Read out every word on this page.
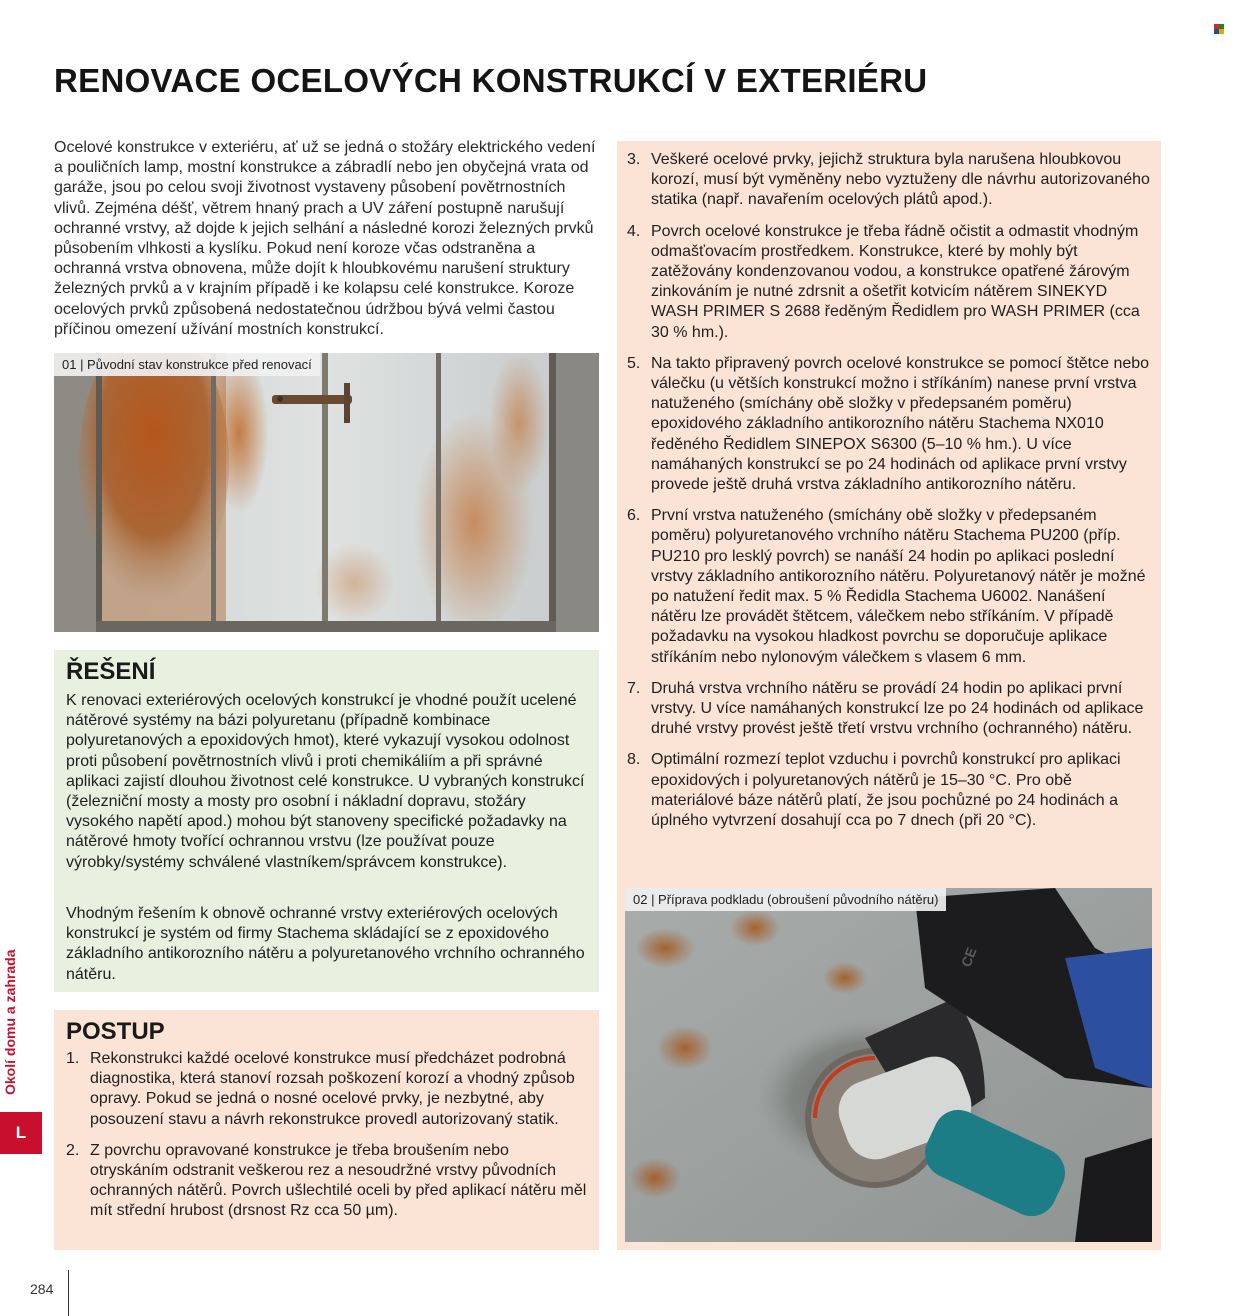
RENOVACE OCELOVÝCH KONSTRUKCÍ V EXTERIÉRU

Ocelové konstrukce v exteriéru, ať už se jedná o stožáry elektrického vedení a pouličních lamp, mostní konstrukce a zábradlí nebo jen obyčejná vrata od garáže, jsou po celou svoji životnost vystaveny působení povětrnostních vlivů. Zejména déšť, větrem hnaný prach a UV záření postupně narušují ochranné vrstvy, až dojde k jejich selhání a následné korozi železných prvků působením vlhkosti a kyslíku. Pokud není koroze včas odstraněna a ochranná vrstva obnovena, může dojít k hloubkovému narušení struktury železných prvků a v krajním případě i ke kolapsu celé konstrukce. Koroze ocelových prvků způsobená nedostatečnou údržbou bývá velmi častou příčinou omezení užívání mostních konstrukcí.

01 | Původní stav konstrukce před renovací
ŘEŠENÍ

K renovaci exteriérových ocelových konstrukcí je vhodné použít ucelené nátěrové systémy na bázi polyuretanu (případně kombinace polyuretanových a epoxidových hmot), které vykazují vysokou odolnost proti působení povětrnostních vlivů i proti chemikáliím a při správné aplikaci zajistí dlouhou životnost celé konstrukce. U vybraných konstrukcí (železniční mosty a mosty pro osobní i nákladní dopravu, stožáry vysokého napětí apod.) mohou být stanoveny specifické požadavky na nátěrové hmoty tvořící ochrannou vrstvu (lze používat pouze výrobky/systémy schválené vlastníkem/správcem konstrukce).

Vhodným řešením k obnově ochranné vrstvy exteriérových ocelových konstrukcí je systém od firmy Stachema skládající se z epoxidového základního antikorozního nátěru a polyuretanového vrchního ochranného nátěru.

POSTUP
1. Rekonstrukci každé ocelové konstrukce musí předcházet podrobná diagnostika, která stanoví rozsah poškození korozí a vhodný způsob opravy. Pokud se jedná o nosné ocelové prvky, je nezbytné, aby posouzení stavu a návrh rekonstrukce provedl autorizovaný statik.
2. Z povrchu opravované konstrukce je třeba broušením nebo otryskáním odstranit veškerou rez a nesoudržné vrstvy původních ochranných nátěrů. Povrch ušlechtilé oceli by před aplikací nátěru měl mít střední hrubost (drsnost Rz cca 50 µm).
3. Veškeré ocelové prvky, jejichž struktura byla narušena hloubkovou korozí, musí být vyměněny nebo vyztuženy dle návrhu autorizovaného statika (např. navařením ocelových plátů apod.).
4. Povrch ocelové konstrukce je třeba řádně očistit a odmastit vhodným odmašťovacím prostředkem. Konstrukce, které by mohly být zatěžovány kondenzovanou vodou, a konstrukce opatřené žárovým zinkováním je nutné zdrsnit a ošetřit kotvicím nátěrem SINEKYD WASH PRIMER S 2688 ředěným Ředidlem pro WASH PRIMER (cca 30 % hm.).
5. Na takto připravený povrch ocelové konstrukce se pomocí štětce nebo válečku (u větších konstrukcí možno i stříkáním) nanese první vrstva natuženého (smíchány obě složky v předepsaném poměru) epoxidového základního antikorozního nátěru Stachema NX010 ředěného Ředidlem SINEPOX S6300 (5–10 % hm.). U více namáhaných konstrukcí se po 24 hodinách od aplikace první vrstvy provede ještě druhá vrstva základního antikorozního nátěru.
6. První vrstva natuženého (smíchány obě složky v předepsaném poměru) polyuretanového vrchního nátěru Stachema PU200 (příp. PU210 pro lesklý povrch) se nanáší 24 hodin po aplikaci poslední vrstvy základního antikorozního nátěru. Polyuretanový nátěr je možné po natužení ředit max. 5 % Ředidla Stachema U6002. Nanášení nátěru lze provádět štětcem, válečkem nebo stříkáním. V případě požadavku na vysokou hladkost povrchu se doporučuje aplikace stříkáním nebo nylonovým válečkem s vlasem 6 mm.
7. Druhá vrstva vrchního nátěru se provádí 24 hodin po aplikaci první vrstvy. U více namáhaných konstrukcí lze po 24 hodinách od aplikace druhé vrstvy provést ještě třetí vrstvu vrchního (ochranného) nátěru.
8. Optimální rozmezí teplot vzduchu i povrchů konstrukcí pro aplikaci epoxidových i polyuretanových nátěrů je 15–30 °C. Pro obě materiálové báze nátěrů platí, že jsou pochůzné po 24 hodinách a úplného vytvrzení dosahují cca po 7 dnech (při 20 °C).
CE
02 | Příprava podkladu (obroušení původního nátěru)
Okolí domu a zahrada
L
284
